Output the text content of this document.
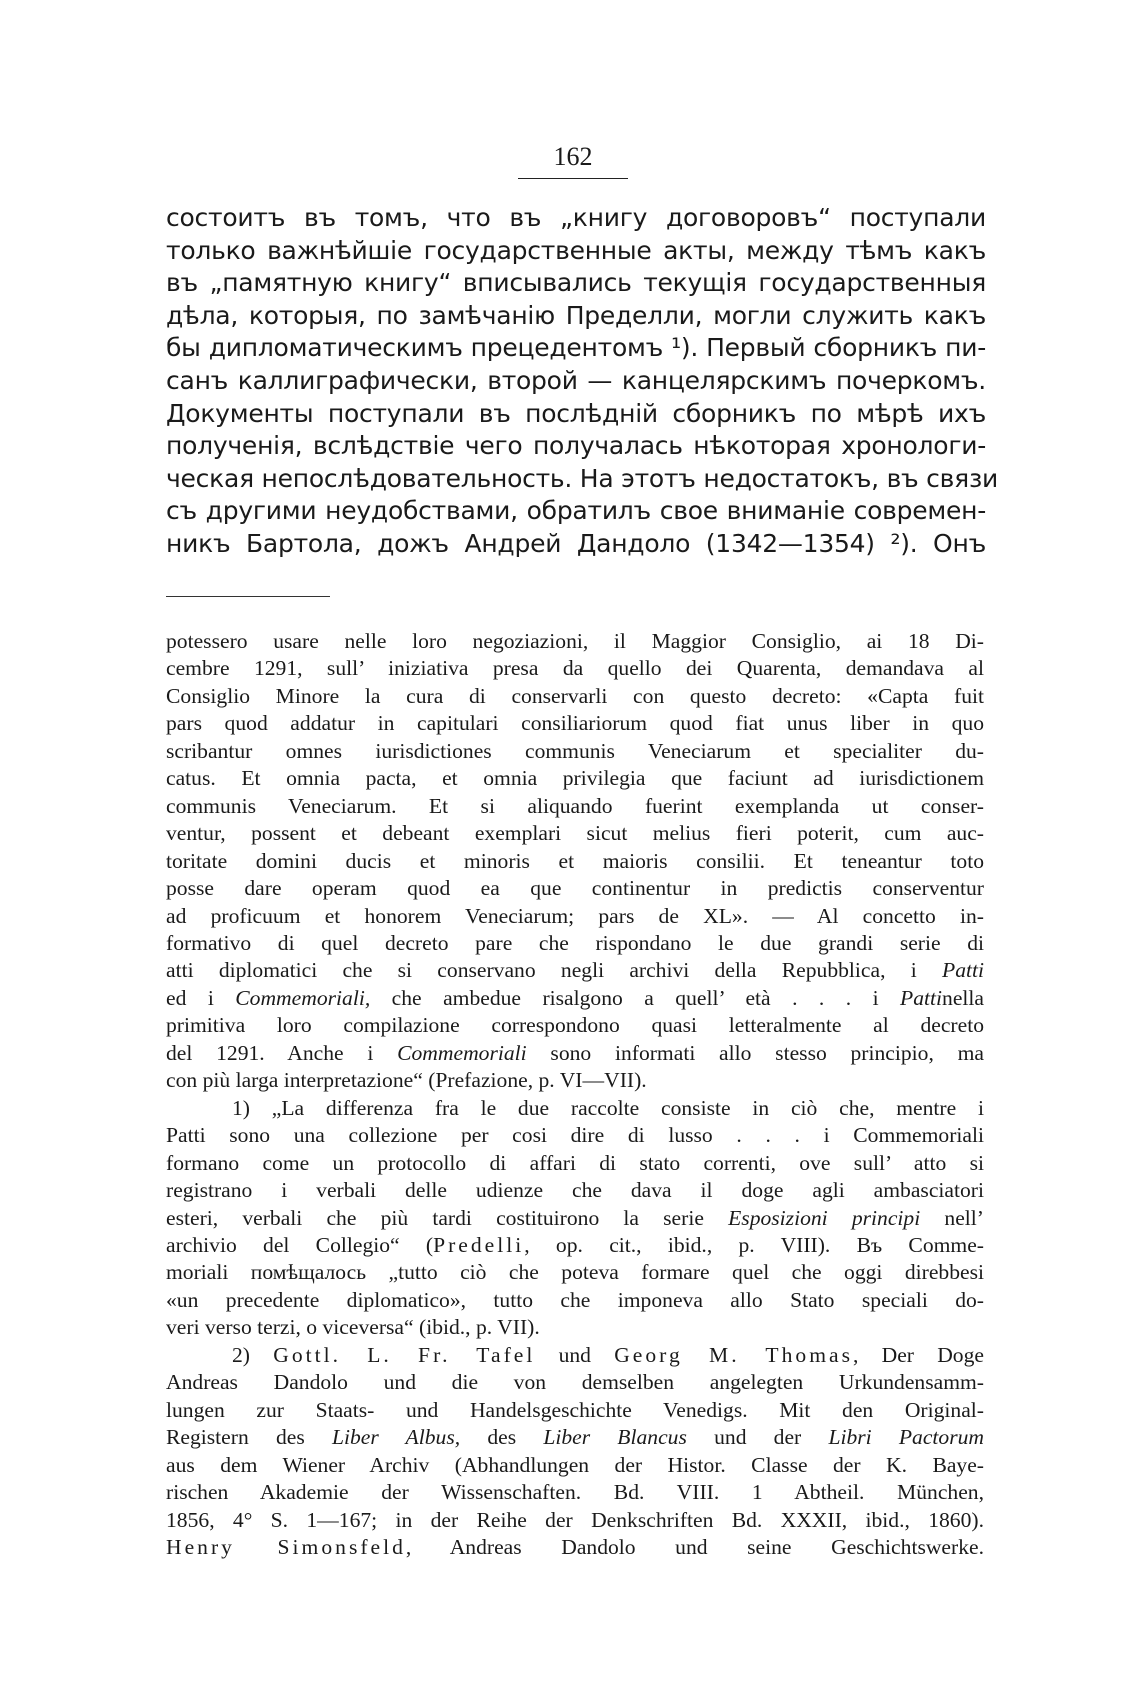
162
состоитъ въ томъ, что въ „книгу договоровъ“ поступали
только важнѣйшіе государственные акты, между тѣмъ какъ
въ „памятную книгу“ вписывались текущія государственныя
дѣла, которыя, по замѣчанію Пределли, могли служить какъ
бы дипломатическимъ прецедентомъ ¹). Первый сборникъ пи-
санъ каллиграфически, второй — канцелярскимъ почеркомъ.
Документы поступали въ послѣдній сборникъ по мѣрѣ ихъ
полученія, вслѣдствіе чего получалась нѣкоторая хронологи-
ческая непослѣдовательность. На этотъ недостатокъ, въ связи
съ другими неудобствами, обратилъ свое вниманіе современ-
никъ Бартола, дожъ Андрей Дандоло (1342—1354) ²). Онъ
potessero usare nelle loro negoziazioni, il Maggior Consiglio, ai 18 Di-
cembre 1291, sull’ iniziativa presa da quello dei Quarenta, demandava al
Consiglio Minore la cura di conservarli con questo decreto: «Capta fuit
pars quod addatur in capitulari consiliariorum quod fiat unus liber in quo
scribantur omnes iurisdictiones communis Veneciarum et specialiter du-
catus. Et omnia pacta, et omnia privilegia que faciunt ad iurisdictionem
communis Veneciarum. Et si aliquando fuerint exemplanda ut conser-
ventur, possent et debeant exemplari sicut melius fieri poterit, cum auc-
toritate domini ducis et minoris et maioris consilii. Et teneantur toto
posse dare operam quod ea que continentur in predictis conserventur
ad proficuum et honorem Veneciarum; pars de XL». — Al concetto in-
formativo di quel decreto pare che rispondano le due grandi serie di
atti diplomatici che si conservano negli archivi della Repubblica, i Patti
ed i Commemoriali, che ambedue risalgono a quell’ età . . . i Pattinella
primitiva loro compilazione correspondono quasi letteralmente al decreto
del 1291. Anche i Commemoriali sono informati allo stesso principio, ma
con più larga interpretazione“ (Prefazione, p. VI—VII).
1) „La differenza fra le due raccolte consiste in ciò che, mentre i
Patti sono una collezione per cosi dire di lusso . . . i Commemoriali
formano come un protocollo di affari di stato correnti, ove sull’ atto si
registrano i verbali delle udienze che dava il doge agli ambasciatori
esteri, verbali che più tardi costituirono la serie Esposizioni principi nell’
archivio del Collegio“ (Predelli, op. cit., ibid., p. VIII). Въ Comme-
moriali помѣщалось „tutto ciò che poteva formare quel che oggi direbbesi
«un precedente diplomatico», tutto che imponeva allo Stato speciali do-
veri verso terzi, o viceversa“ (ibid., p. VII).
2) Gottl. L. Fr. Tafel und Georg M. Thomas, Der Doge
Andreas Dandolo und die von demselben angelegten Urkundensamm-
lungen zur Staats- und Handelsgeschichte Venedigs. Mit den Original-
Registern des Liber Albus, des Liber Blancus und der Libri Pactorum
aus dem Wiener Archiv (Abhandlungen der Histor. Classe der K. Baye-
rischen Akademie der Wissenschaften. Bd. VIII. 1 Abtheil. München,
1856, 4° S. 1—167; in der Reihe der Denkschriften Bd. XXXII, ibid., 1860).
Henry Simonsfeld, Andreas Dandolo und seine Geschichtswerke.
